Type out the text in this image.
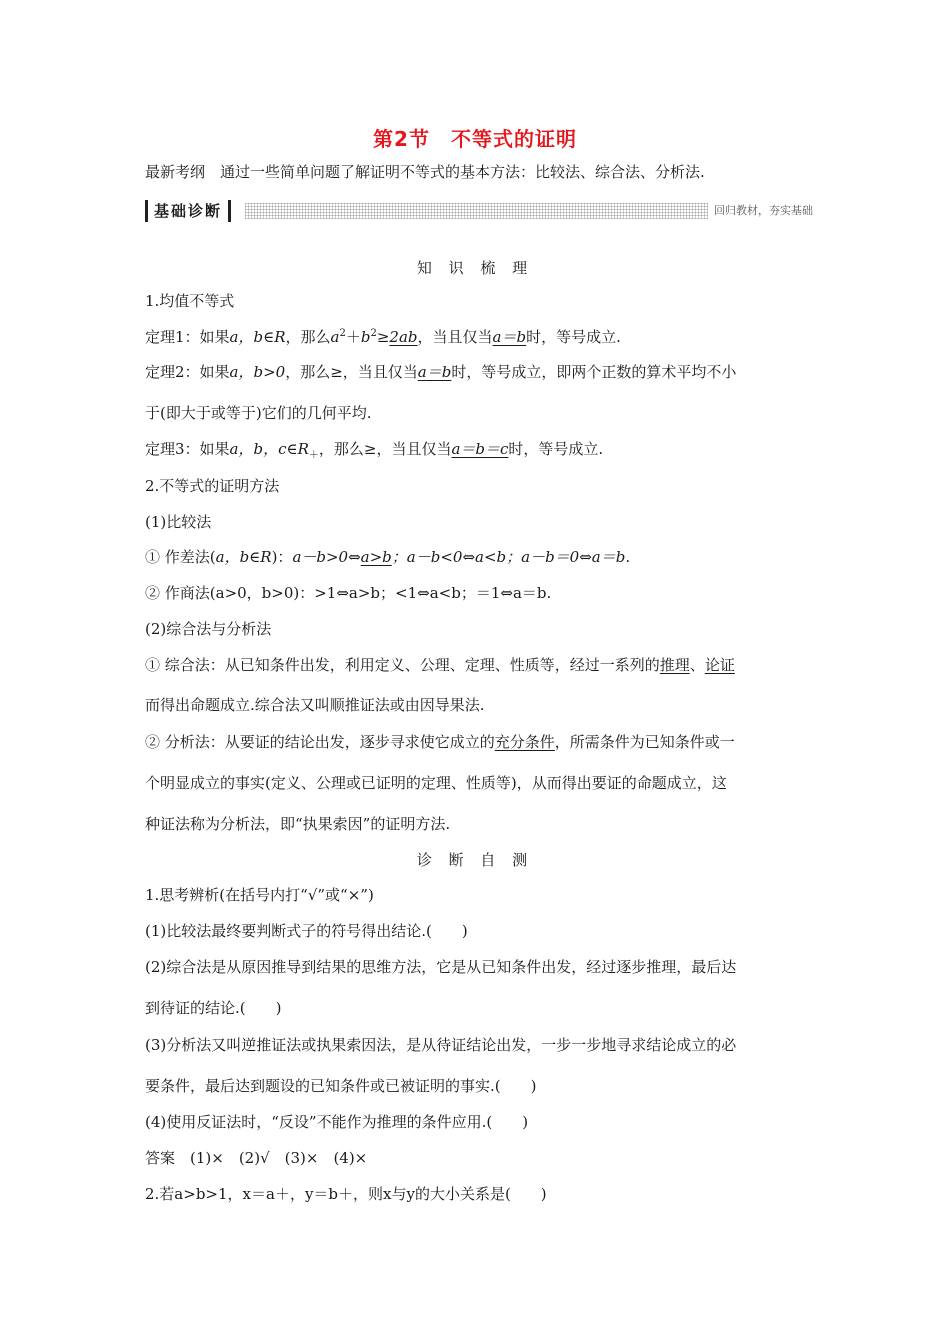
第2节　不等式的证明
最新考纲　 通过一些简单问题了解证明不等式的基本方法：比较法、综合法、分析法.
基础诊断	回归教材，夯实基础
知 识 梳 理
1.均值不等式
定理1：如果a，b∈R，那么$a^2+b^2\ge 2ab$，当且仅当a＝b时，等号成立.
定理2：如果a，b>0，那么≥，当且仅当a＝b时，等号成立，即两个正数的算术平均不小
于(即大于或等于)它们的几何平均.
定理3：如果a，b，$c\in R_+$，那么≥，当且仅当a＝b＝c时，等号成立.
2.不等式的证明方法
(1)比较法
① 作差法(a，b∈R)：a－b>0⇔a>b；a－b<0⇔a<b；a－b＝0⇔a＝b.
② 作商法(a>0，b>0)：>1⇔a>b；<1⇔a<b；＝1⇔a＝b.
(2)综合法与分析法
① 综合法：从已知条件出发，利用定义、公理、定理、性质等，经过一系列的推理、论证
而得出命题成立.综合法又叫顺推证法或由因导果法.
② 分析法：从要证的结论出发，逐步寻求使它成立的充分条件，所需条件为已知条件或一
个明显成立的事实(定义、公理或已证明的定理、性质等)，从而得出要证的命题成立，这
种证法称为分析法，即“执果索因”的证明方法.
诊 断 自 测
1.思考辨析(在括号内打“√”或“×”)
(1)比较法最终要判断式子的符号得出结论.(　　)
(2)综合法是从原因推导到结果的思维方法，它是从已知条件出发，经过逐步推理，最后达
到待证的结论.(　　)
(3)分析法又叫逆推证法或执果索因法，是从待证结论出发，一步一步地寻求结论成立的必
要条件，最后达到题设的已知条件或已被证明的事实.(　　)
(4)使用反证法时，“反设”不能作为推理的条件应用.(　　)
答案　(1)×　(2)√　(3)×　(4)×
2.若a>b>1，x＝a＋，y＝b＋，则x与y的大小关系是(　　)
